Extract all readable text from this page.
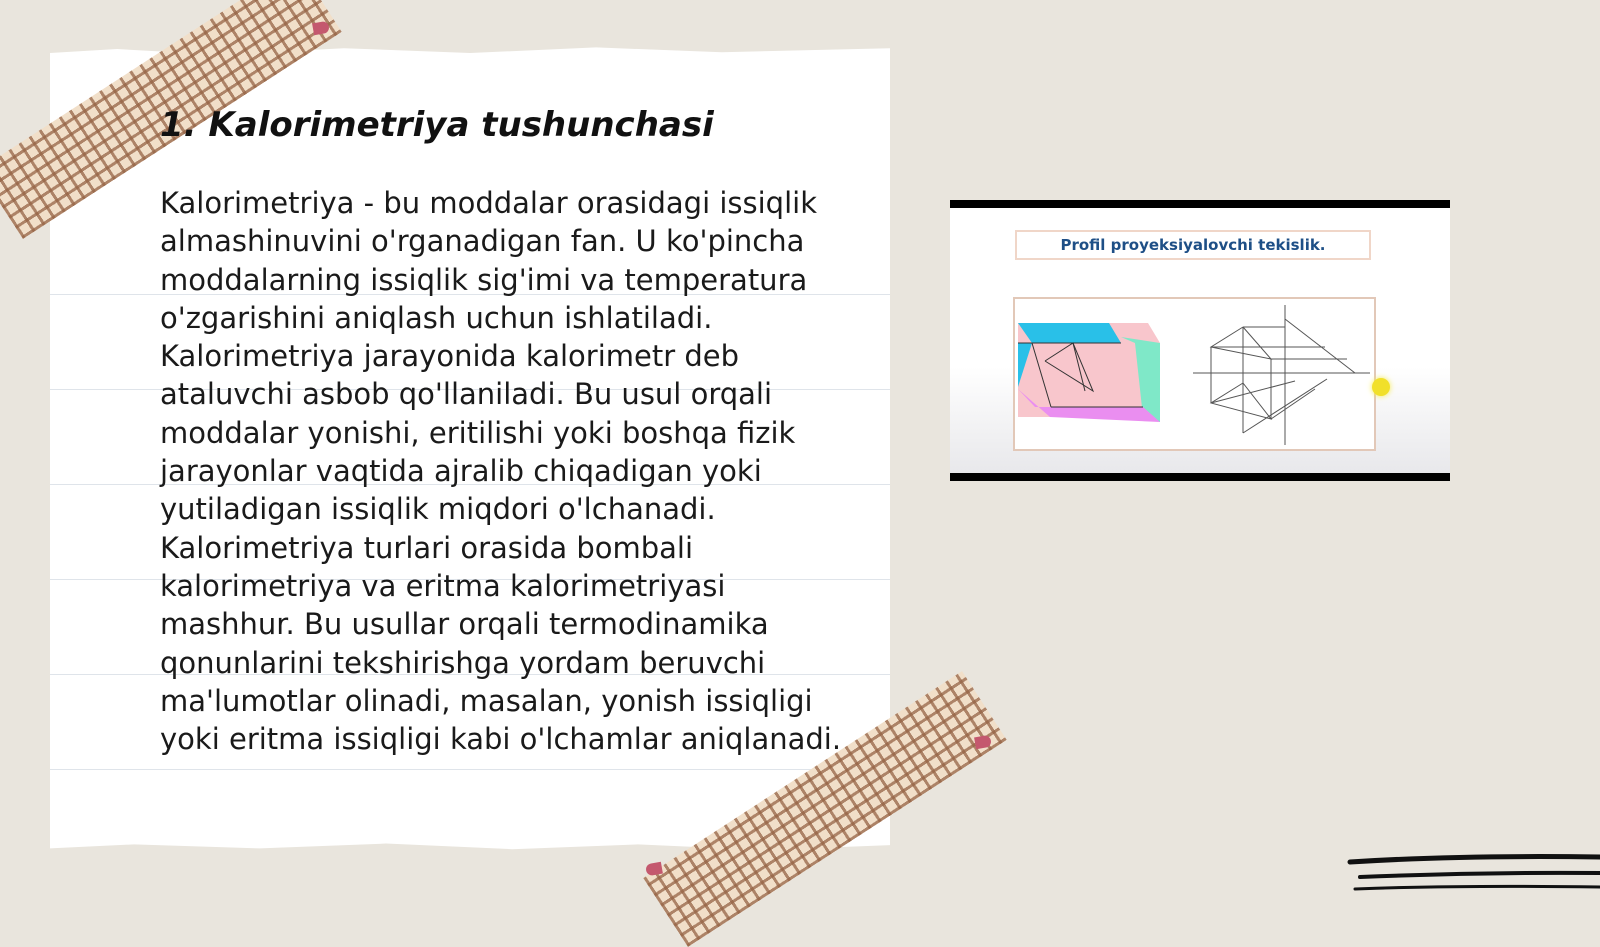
1. Kalorimetriya tushunchasi

Kalorimetriya - bu moddalar orasidagi issiqlik almashinuvini o'rganadigan fan. U ko'pincha moddalarning issiqlik sig'imi va temperatura o'zgarishini aniqlash uchun ishlatiladi. Kalorimetriya jarayonida kalorimetr deb ataluvchi asbob qo'llaniladi. Bu usul orqali moddalar yonishi, eritilishi yoki boshqa fizik jarayonlar vaqtida ajralib chiqadigan yoki yutiladigan issiqlik miqdori o'lchanadi. Kalorimetriya turlari orasida bombali kalorimetriya va eritma kalorimetriyasi mashhur. Bu usullar orqali termodinamika qonunlarini tekshirishga yordam beruvchi ma'lumotlar olinadi, masalan, yonish issiqligi yoki eritma issiqligi kabi o'lchamlar aniqlanadi.

Profil proyeksiyalovchi tekislik.
